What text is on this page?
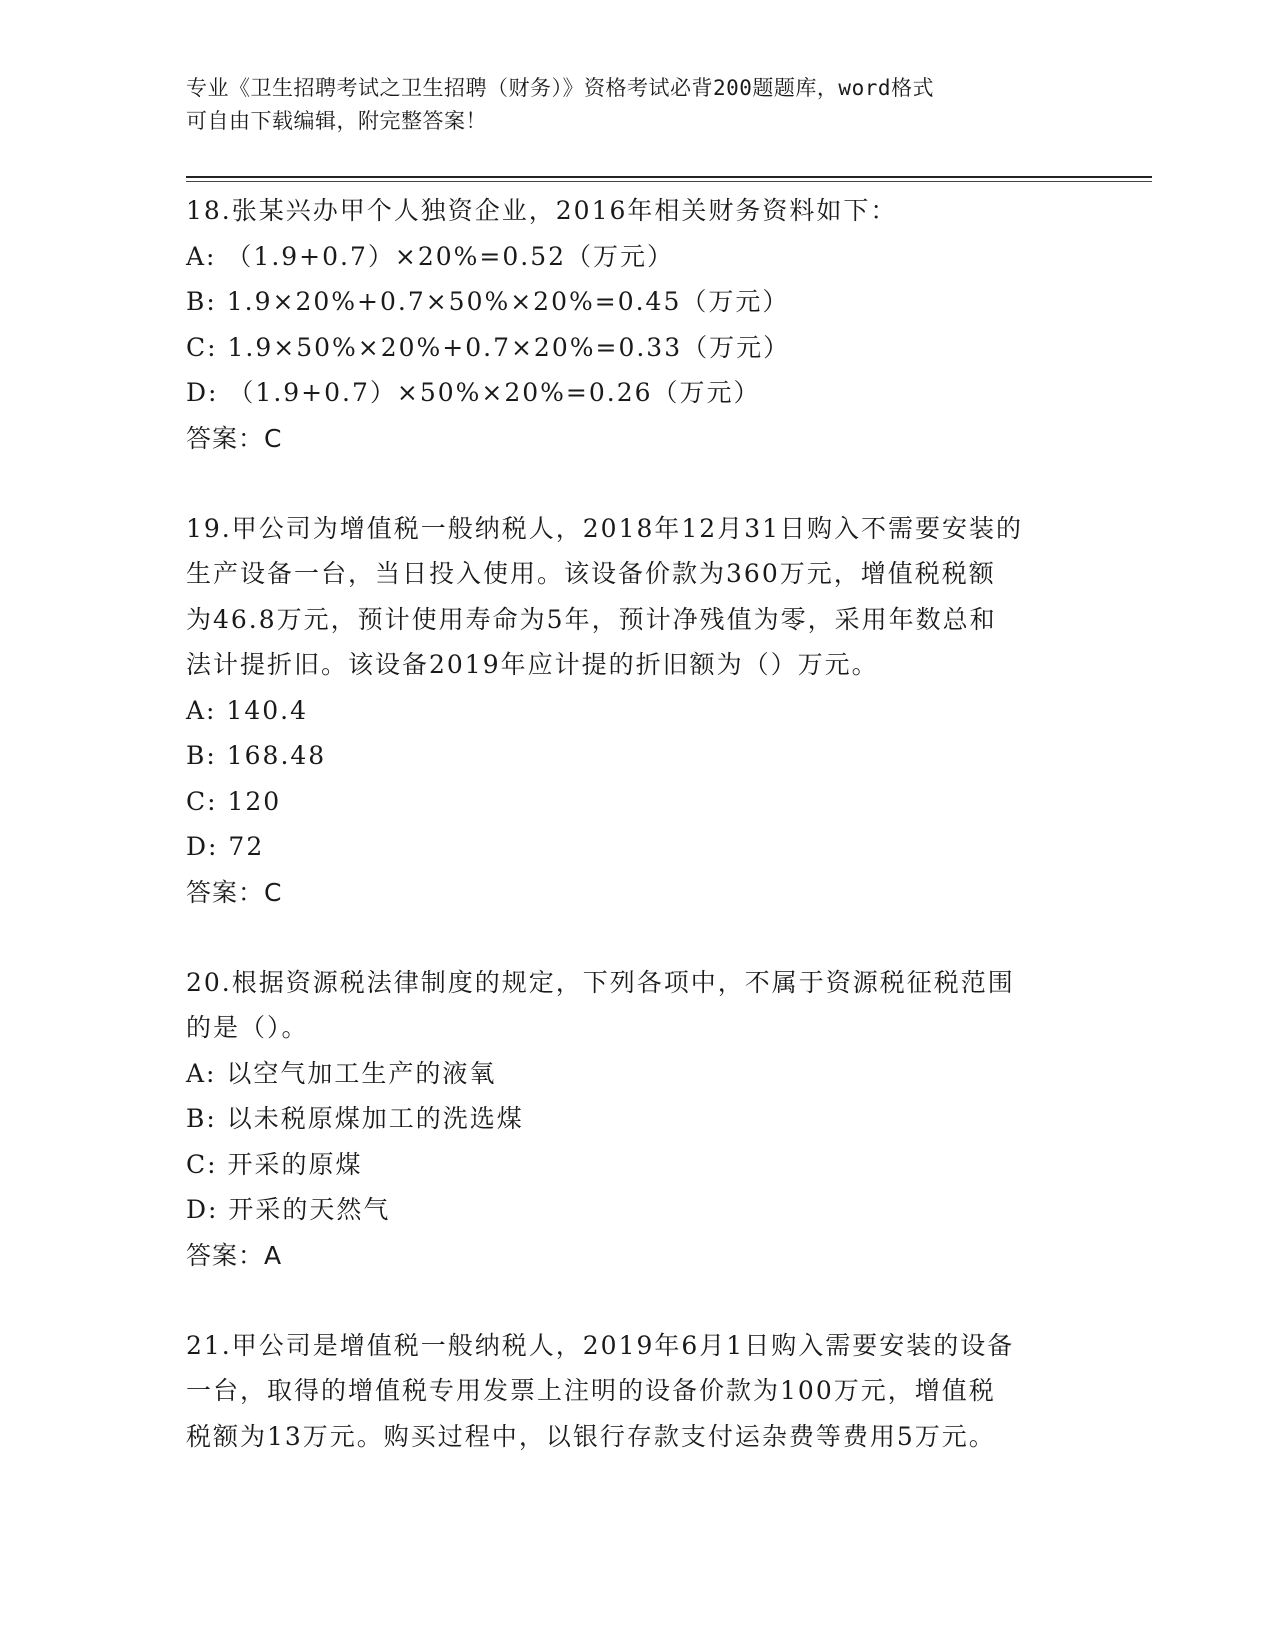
专业《卫生招聘考试之卫生招聘（财务）》资格考试必背200题题库，word格式
可自由下载编辑，附完整答案！
18.张某兴办甲个人独资企业，2016年相关财务资料如下：
A: （1.9+0.7）×20%=0.52（万元）
B: 1.9×20%+0.7×50%×20%=0.45（万元）
C: 1.9×50%×20%+0.7×20%=0.33（万元）
D: （1.9+0.7）×50%×20%=0.26（万元）
答案：C
19.甲公司为增值税一般纳税人，2018年12月31日购入不需要安装的
生产设备一台，当日投入使用。该设备价款为360万元，增值税税额
为46.8万元，预计使用寿命为5年，预计净残值为零，采用年数总和
法计提折旧。该设备2019年应计提的折旧额为（）万元。
A: 140.4
B: 168.48
C: 120
D: 72
答案：C
20.根据资源税法律制度的规定，下列各项中，不属于资源税征税范围
的是（）。
A: 以空气加工生产的液氧
B: 以未税原煤加工的洗选煤
C: 开采的原煤
D: 开采的天然气
答案：A
21.甲公司是增值税一般纳税人，2019年6月1日购入需要安装的设备
一台，取得的增值税专用发票上注明的设备价款为100万元，增值税
税额为13万元。购买过程中，以银行存款支付运杂费等费用5万元。
